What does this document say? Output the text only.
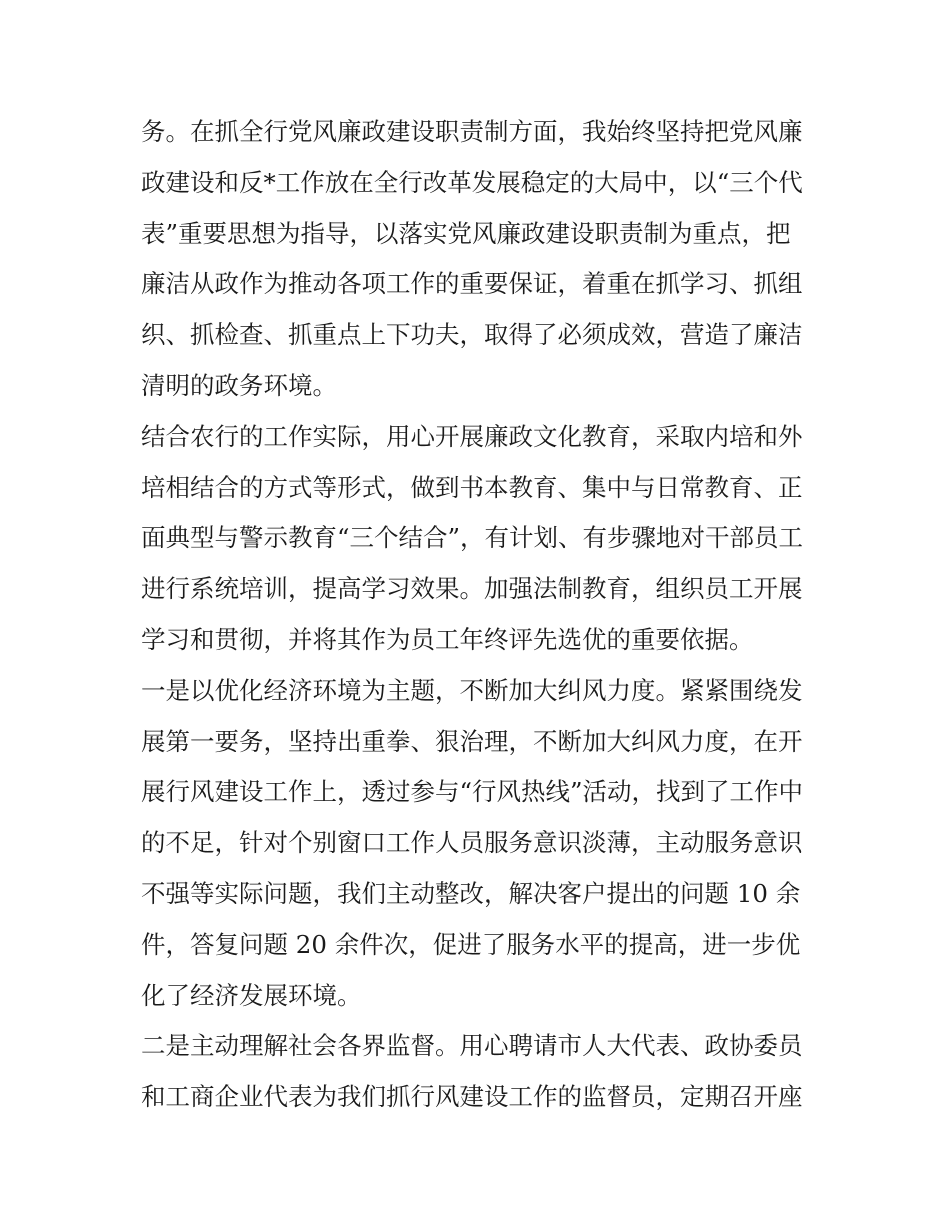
务。在抓全行党风廉政建设职责制方面，我始终坚持把党风廉
政建设和反*工作放在全行改革发展稳定的大局中，以“三个代
表”重要思想为指导，以落实党风廉政建设职责制为重点，把
廉洁从政作为推动各项工作的重要保证，着重在抓学习、抓组
织、抓检查、抓重点上下功夫，取得了必须成效，营造了廉洁
清明的政务环境。
结合农行的工作实际，用心开展廉政文化教育，采取内培和外
培相结合的方式等形式，做到书本教育、集中与日常教育、正
面典型与警示教育“三个结合”，有计划、有步骤地对干部员工
进行系统培训，提高学习效果。加强法制教育，组织员工开展
学习和贯彻，并将其作为员工年终评先选优的重要依据。
一是以优化经济环境为主题，不断加大纠风力度。紧紧围绕发
展第一要务，坚持出重拳、狠治理，不断加大纠风力度，在开
展行风建设工作上，透过参与“行风热线”活动，找到了工作中
的不足，针对个别窗口工作人员服务意识淡薄，主动服务意识
不强等实际问题，我们主动整改，解决客户提出的问题 10 余
件，答复问题 20 余件次，促进了服务水平的提高，进一步优
化了经济发展环境。
二是主动理解社会各界监督。用心聘请市人大代表、政协委员
和工商企业代表为我们抓行风建设工作的监督员，定期召开座
